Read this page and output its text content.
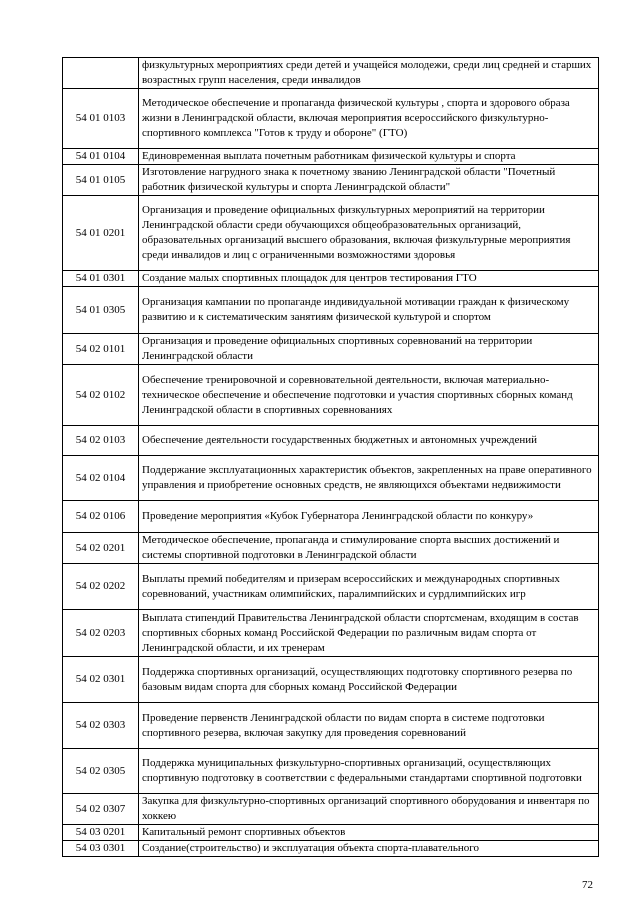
	физкультурных мероприятиях среди детей и учащейся молодежи, среди лиц средней и старших возрастных групп населения, среди инвалидов
54 01 0103	Методическое обеспечение и пропаганда физической культуры , спорта и здорового образа жизни в Ленинградской области, включая мероприятия всероссийского физкультурно-спортивного комплекса "Готов к труду и обороне" (ГТО)
54 01 0104	Единовременная выплата почетным работникам физической культуры и спорта
54 01 0105	Изготовление нагрудного знака к почетному званию Ленинградской области "Почетный работник физической культуры и спорта Ленинградской области"
54 01 0201	Организация и проведение официальных физкультурных мероприятий на территории Ленинградской области среди обучающихся общеобразовательных организаций, образовательных организаций высшего образования, включая физкультурные мероприятия среди инвалидов и лиц с ограниченными возможностями здоровья
54 01 0301	Создание малых спортивных площадок для центров тестирования ГТО
54 01 0305	Организация кампании по пропаганде индивидуальной мотивации граждан к физическому развитию и к систематическим занятиям физической культурой и спортом
54 02 0101	Организация и проведение официальных спортивных соревнований на территории Ленинградской области
54 02 0102	Обеспечение тренировочной и соревновательной деятельности, включая материально-техническое обеспечение и обеспечение подготовки и участия спортивных сборных команд Ленинградской области в спортивных соревнованиях
54 02 0103	Обеспечение деятельности государственных бюджетных и автономных учреждений
54 02 0104	Поддержание эксплуатационных характеристик объектов, закрепленных на праве оперативного управления и приобретение основных средств, не являющихся объектами недвижимости
54 02 0106	Проведение мероприятия «Кубок Губернатора Ленинградской области по конкуру»
54 02 0201	Методическое обеспечение, пропаганда и стимулирование спорта высших достижений и системы спортивной подготовки в Ленинградской области
54 02 0202	Выплаты премий победителям и призерам всероссийских и международных спортивных соревнований, участникам олимпийских, паралимпийских и сурдлимпийских игр
54 02 0203	Выплата стипендий Правительства Ленинградской области спортсменам, входящим в состав спортивных сборных команд Российской Федерации по различным видам спорта от Ленинградской области, и их тренерам
54 02 0301	Поддержка спортивных организаций, осуществляющих подготовку спортивного резерва по базовым видам спорта для сборных команд Российской Федерации
54 02 0303	Проведение первенств Ленинградской области по видам спорта в системе подготовки спортивного резерва, включая закупку для проведения соревнований
54 02 0305	Поддержка муниципальных физкультурно-спортивных организаций, осуществляющих спортивную подготовку в соответствии с федеральными стандартами спортивной подготовки
54 02 0307	Закупка для физкультурно-спортивных организаций спортивного оборудования и инвентаря по хоккею
54 03 0201	Капитальный ремонт спортивных объектов
54 03 0301	Создание(строительство) и эксплуатация объекта спорта-плавательного
72
